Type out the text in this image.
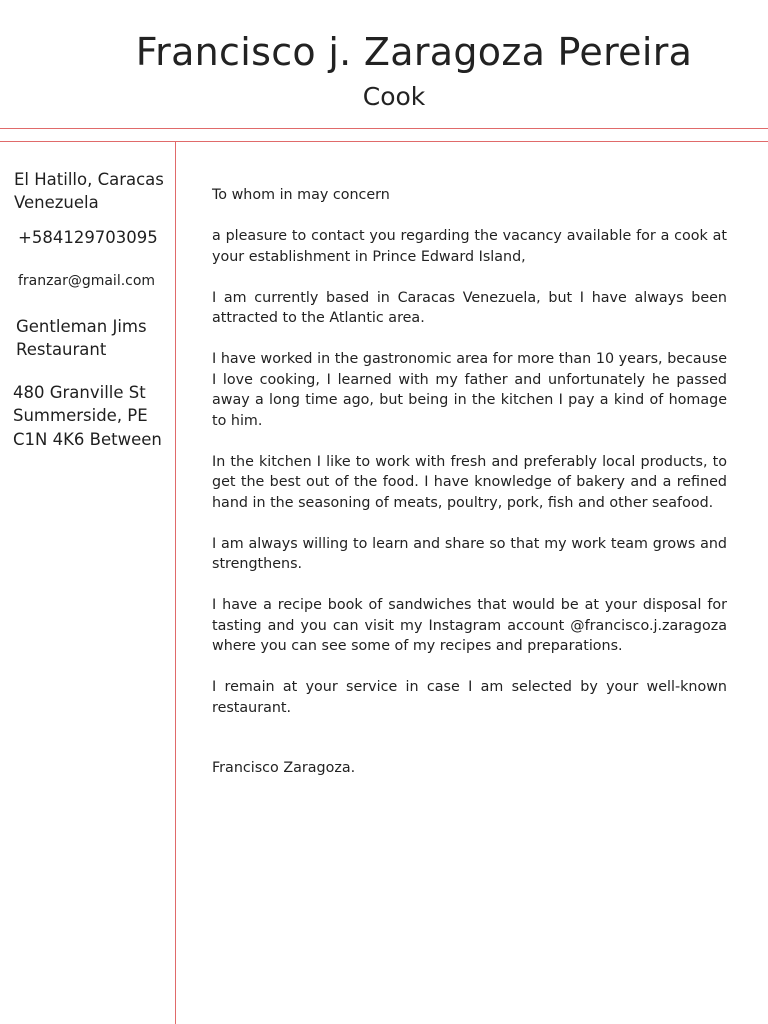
Francisco j. Zaragoza Pereira
Cook
El Hatillo, Caracas
Venezuela
+584129703095
franzar@gmail.com
Gentleman Jims
Restaurant
480 Granville St
Summerside, PE
C1N 4K6 Between

To whom in may concern

a pleasure to contact you regarding the vacancy available for a cook at your establishment in Prince Edward Island,

I am currently based in Caracas Venezuela, but I have always been attracted to the Atlantic area.

I have worked in the gastronomic area for more than 10 years, because I love cooking, I learned with my father and unfortunately he passed away a long time ago, but being in the kitchen I pay a kind of homage to him.

In the kitchen I like to work with fresh and preferably local products, to get the best out of the food. I have knowledge of bakery and a refined hand in the seasoning of meats, poultry, pork, fish and other seafood.

I am always willing to learn and share so that my work team grows and strengthens.

I have a recipe book of sandwiches that would be at your disposal for tasting and you can visit my Instagram account @francisco.j.zaragoza where you can see some of my recipes and preparations.

I remain at your service in case I am selected by your well-known restaurant.

Francisco Zaragoza.
